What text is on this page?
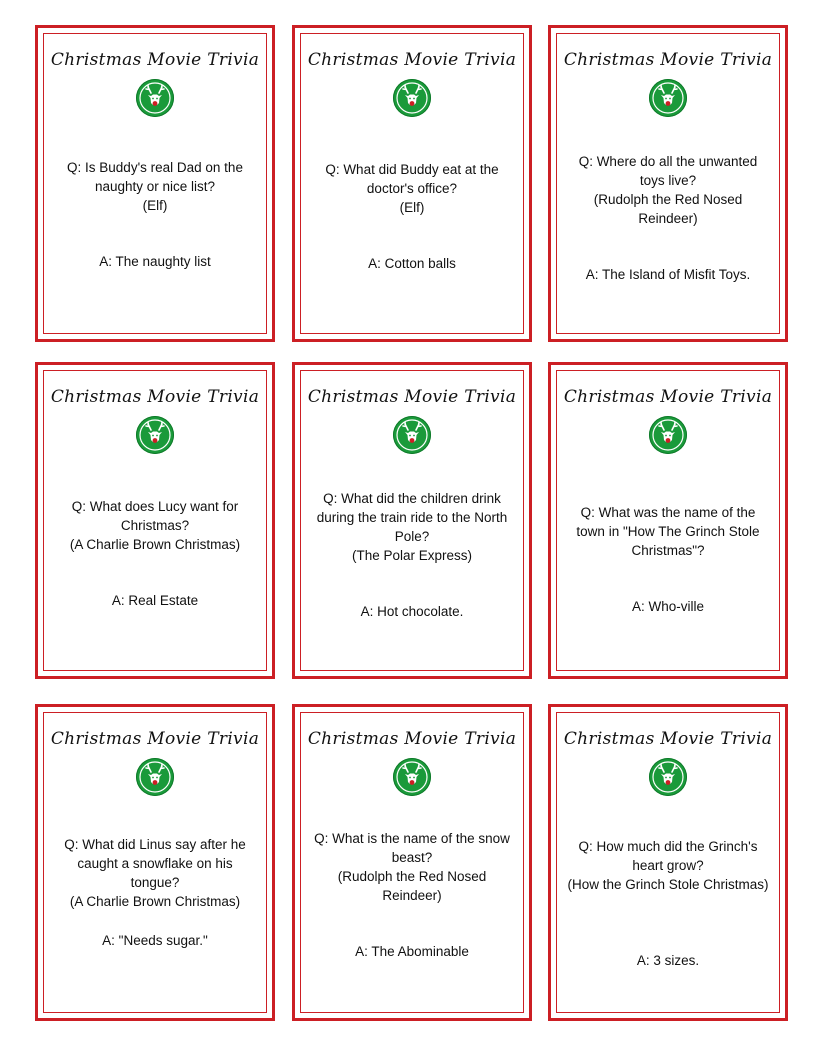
Christmas Movie Trivia
Q: Is Buddy's real Dad on the naughty or nice list?
(Elf)
A: The naughty list
Christmas Movie Trivia
Q: What did Buddy eat at the doctor's office?
(Elf)
A: Cotton balls
Christmas Movie Trivia
Q: Where do all the unwanted toys live?
(Rudolph the Red Nosed Reindeer)
A: The Island of Misfit Toys.
Christmas Movie Trivia
Q: What does Lucy want for Christmas?
(A Charlie Brown Christmas)
A: Real Estate
Christmas Movie Trivia
Q: What did the children drink during the train ride to the North Pole?
(The Polar Express)
A: Hot chocolate.
Christmas Movie Trivia
Q: What was the name of the town in "How The Grinch Stole Christmas"?
A: Who-ville
Christmas Movie Trivia
Q: What did Linus say after he caught a snowflake on his tongue?
(A Charlie Brown Christmas)
A: "Needs sugar."
Christmas Movie Trivia
Q: What is the name of the snow beast?
(Rudolph the Red Nosed Reindeer)
A: The Abominable
Christmas Movie Trivia
Q: How much did the Grinch's heart grow?
(How the Grinch Stole Christmas)
A: 3 sizes.
